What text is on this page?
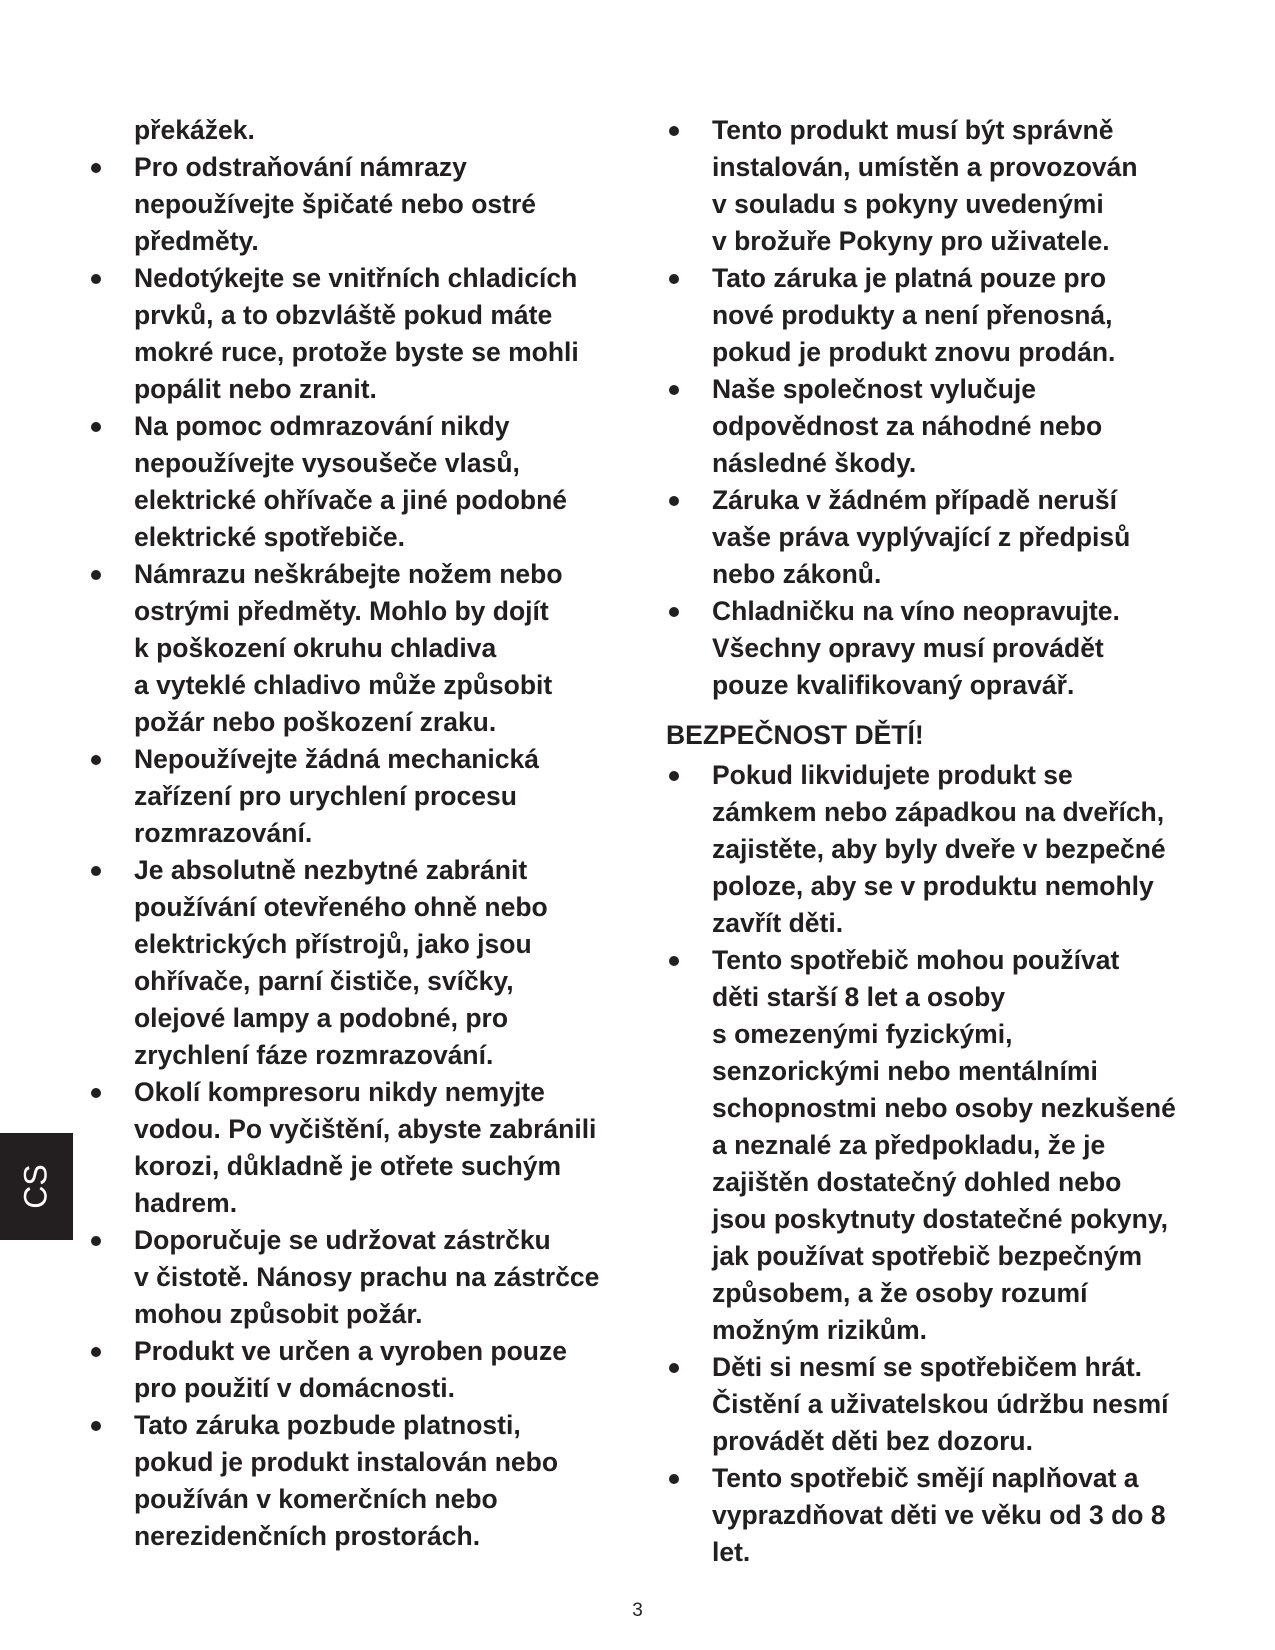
překážek.

Pro odstraňování námrazy
nepoužívejte špičaté nebo ostré
předměty.
Nedotýkejte se vnitřních chladicích
prvků, a to obzvláště pokud máte
mokré ruce, protože byste se mohli
popálit nebo zranit.
Na pomoc odmrazování nikdy
nepoužívejte vysoušeče vlasů,
elektrické ohřívače a jiné podobné
elektrické spotřebiče.
Námrazu neškrábejte nožem nebo
ostrými předměty. Mohlo by dojít
k poškození okruhu chladiva
a vyteklé chladivo může způsobit
požár nebo poškození zraku.
Nepoužívejte žádná mechanická
zařízení pro urychlení procesu
rozmrazování.
Je absolutně nezbytné zabránit
používání otevřeného ohně nebo
elektrických přístrojů, jako jsou
ohřívače, parní čističe, svíčky,
olejové lampy a podobné, pro
zrychlení fáze rozmrazování.
Okolí kompresoru nikdy nemyjte
vodou. Po vyčištění, abyste zabránili
korozi, důkladně je otřete suchým
hadrem.
Doporučuje se udržovat zástrčku
v čistotě. Nánosy prachu na zástrčce
mohou způsobit požár.
Produkt ve určen a vyroben pouze
pro použití v domácnosti.
Tato záruka pozbude platnosti,
pokud je produkt instalován nebo
používán v komerčních nebo
nerezidenčních prostorách.
Tento produkt musí být správně
instalován, umístěn a provozován
v souladu s pokyny uvedenými
v brožuře Pokyny pro uživatele.
Tato záruka je platná pouze pro
nové produkty a není přenosná,
pokud je produkt znovu prodán.
Naše společnost vylučuje
odpovědnost za náhodné nebo
následné škody.
Záruka v žádném případě neruší
vaše práva vyplývající z předpisů
nebo zákonů.
Chladničku na víno neopravujte.
Všechny opravy musí provádět
pouze kvalifikovaný opravář.
BEZPEČNOST DĚTÍ!
Pokud likvidujete produkt se
zámkem nebo západkou na dveřích,
zajistěte, aby byly dveře v bezpečné
poloze, aby se v produktu nemohly
zavřít děti.
Tento spotřebič mohou používat
děti starší 8 let a osoby
s omezenými fyzickými,
senzorickými nebo mentálními
schopnostmi nebo osoby nezkušené
a neznalé za předpokladu, že je
zajištěn dostatečný dohled nebo
jsou poskytnuty dostatečné pokyny,
jak používat spotřebič bezpečným
způsobem, a že osoby rozumí
možným rizikům.
Děti si nesmí se spotřebičem hrát.
Čistění a uživatelskou údržbu nesmí
provádět děti bez dozoru.
Tento spotřebič smějí naplňovat a
vyprazdňovat děti ve věku od 3 do 8
let.
CS
3
